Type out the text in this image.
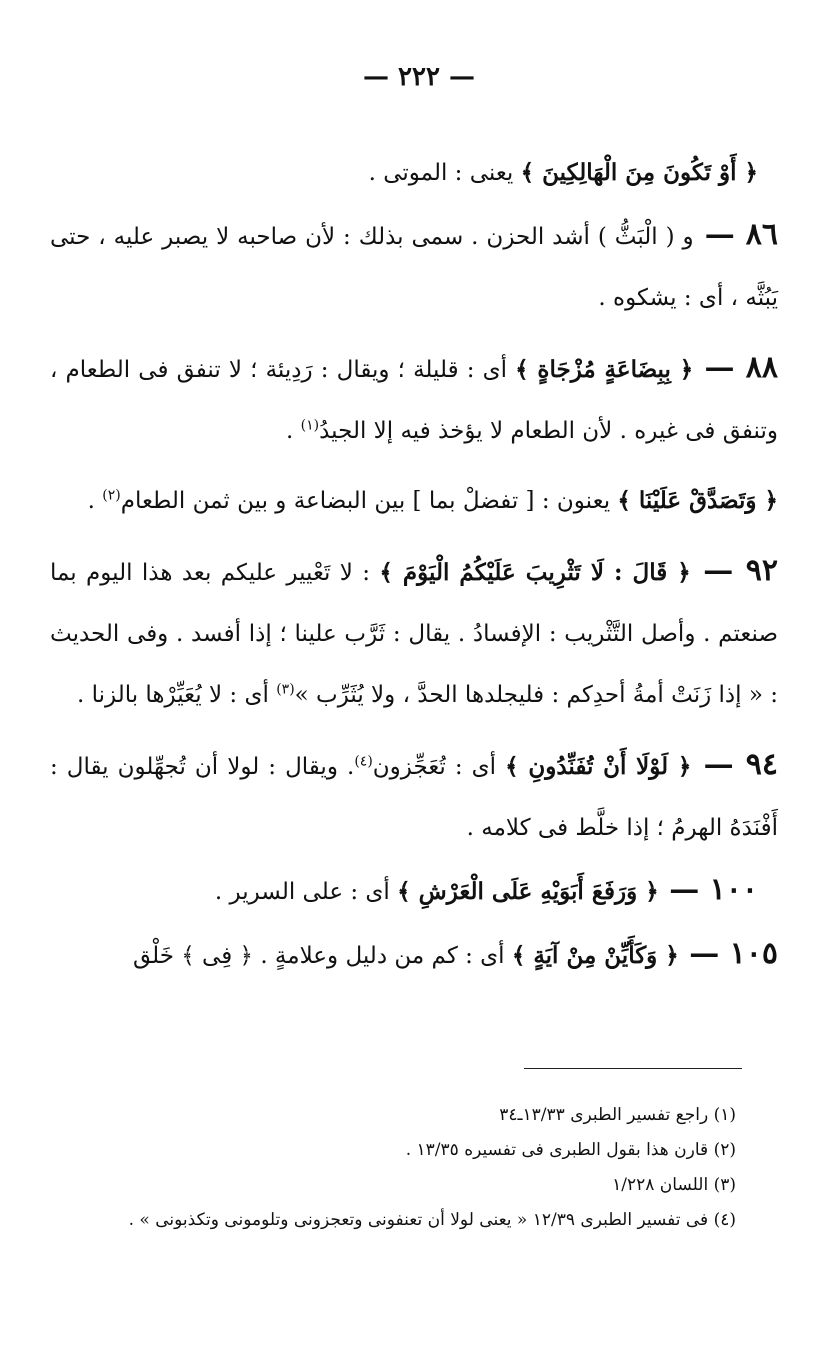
— ٢٢٢ —

﴿ أَوْ تَكُونَ مِنَ الْهَالِكِينَ ﴾ يعنى : الموتى .

٨٦ — و ( الْبَثُّ ) أشد الحزن . سمى بذلك : لأن صاحبه لا يصبر عليه ، حتى يَبُثَّه ، أى : يشكوه .

٨٨ — ﴿ بِبِضَاعَةٍ مُزْجَاةٍ ﴾ أى : قليلة ؛ ويقال : رَدِيئة ؛ لا تنفق فى الطعام ، وتنفق فى غيره . لأن الطعام لا يؤخذ فيه إلا الجيدُ$^{(١)}$ .

﴿ وَتَصَدَّقْ عَلَيْنَا ﴾ يعنون : [ تفضلْ بما ] بين البضاعة و بين ثمن الطعام$^{(٢)}$ .

٩٢ — ﴿ قَالَ : لَا تَثْرِيبَ عَلَيْكُمُ الْيَوْمَ ﴾ : لا تَعْيير عليكم بعد هذا اليوم بما صنعتم . وأصل التَّثْريب : الإفسادُ . يقال : ثَرَّب علينا ؛ إذا أفسد . وفى الحديث : « إذا زَنَتْ أمةُ أحدِكم : فليجلدها الحدَّ ، ولا يُثَرِّب »$^{(٣)}$ أى : لا يُعَيِّرْها بالزنا .

٩٤ — ﴿ لَوْلَا أَنْ تُفَنِّدُونِ ﴾ أى : تُعَجِّزون$^{(٤)}$. ويقال : لولا أن تُجهِّلون يقال : أَفْنَدَهُ الهرمُ ؛ إذا خلَّط فى كلامه .

١٠٠ — ﴿ وَرَفَعَ أَبَوَيْهِ عَلَى الْعَرْشِ ﴾ أى : على السرير .

١٠٥ — ﴿ وَكَأَيِّنْ مِنْ آيَةٍ ﴾ أى : كم من دليل وعلامةٍ . ﴿ فِى ﴾ خَلْق

(١) راجع تفسير الطبرى ١٣/٣٣ـ٣٤

(٢) قارن هذا بقول الطبرى فى تفسيره ١٣/٣٥ .

(٣) اللسان ١/٢٢٨

(٤) فى تفسير الطبرى ١٢/٣٩ « يعنى لولا أن تعنفونى وتعجزونى وتلومونى وتكذبونى » .
